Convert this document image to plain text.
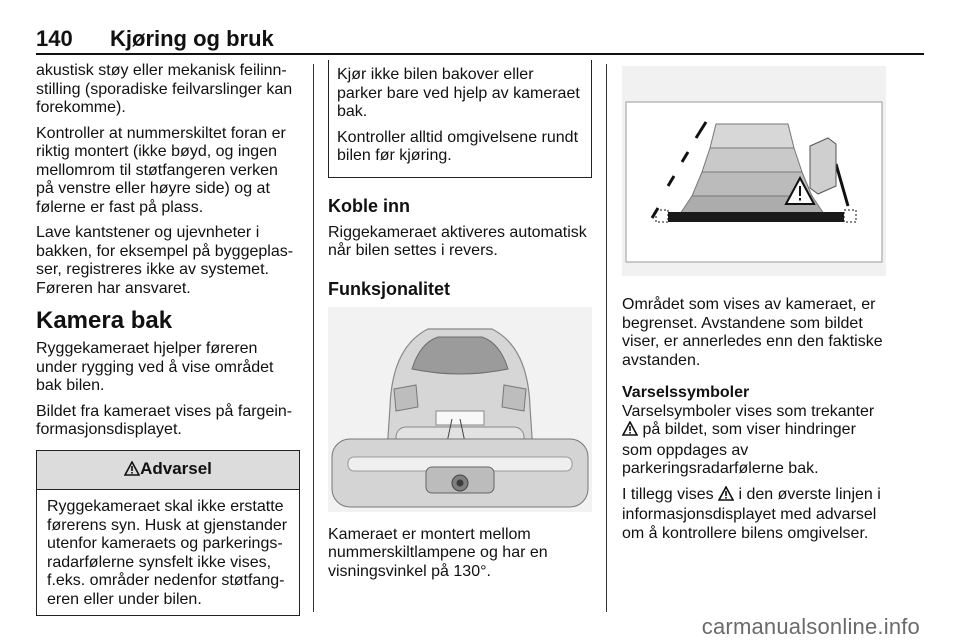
140 Kjøring og bruk

akustisk støy eller mekanisk feilinnstilling (sporadiske feilvarslinger kan forekomme).

Kontroller at nummerskiltet foran er riktig montert (ikke bøyd, og ingen mellomrom til støtfangeren verken på venstre eller høyre side) og at følerne er fast på plass.

Lave kantstener og ujevnheter i bakken, for eksempel på byggeplasser, registreres ikke av systemet. Føreren har ansvaret.

Kamera bak

Ryggekameraet hjelper føreren under rygging ved å vise området bak bilen.

Bildet fra kameraet vises på fargeinformasjonsdisplayet.

Advarsel
Ryggekameraet skal ikke erstatte førerens syn. Husk at gjenstander utenfor kameraets og parkeringsradarfølerne synsfelt ikke vises, f.eks. områder nedenfor støtfangeren eller under bilen.

Kjør ikke bilen bakover eller parker bare ved hjelp av kameraet bak.

Kontroller alltid omgivelsene rundt bilen før kjøring.

Koble inn

Riggekameraet aktiveres automatisk når bilen settes i revers.

Funksjonalitet

Kameraet er montert mellom nummerskiltlampene og har en visningsvinkel på 130°.

Området som vises av kameraet, er begrenset. Avstandene som bildet viser, er annerledes enn den faktiske avstanden.

Varselssymboler

Varselsymboler vises som trekanter
på bildet, som viser hindringer som oppdages av parkeringsradarfølerne bak.

I tillegg vises i den øverste linjen i informasjonsdisplayet med advarsel om å kontrollere bilens omgivelser.

carmanualsonline.info
